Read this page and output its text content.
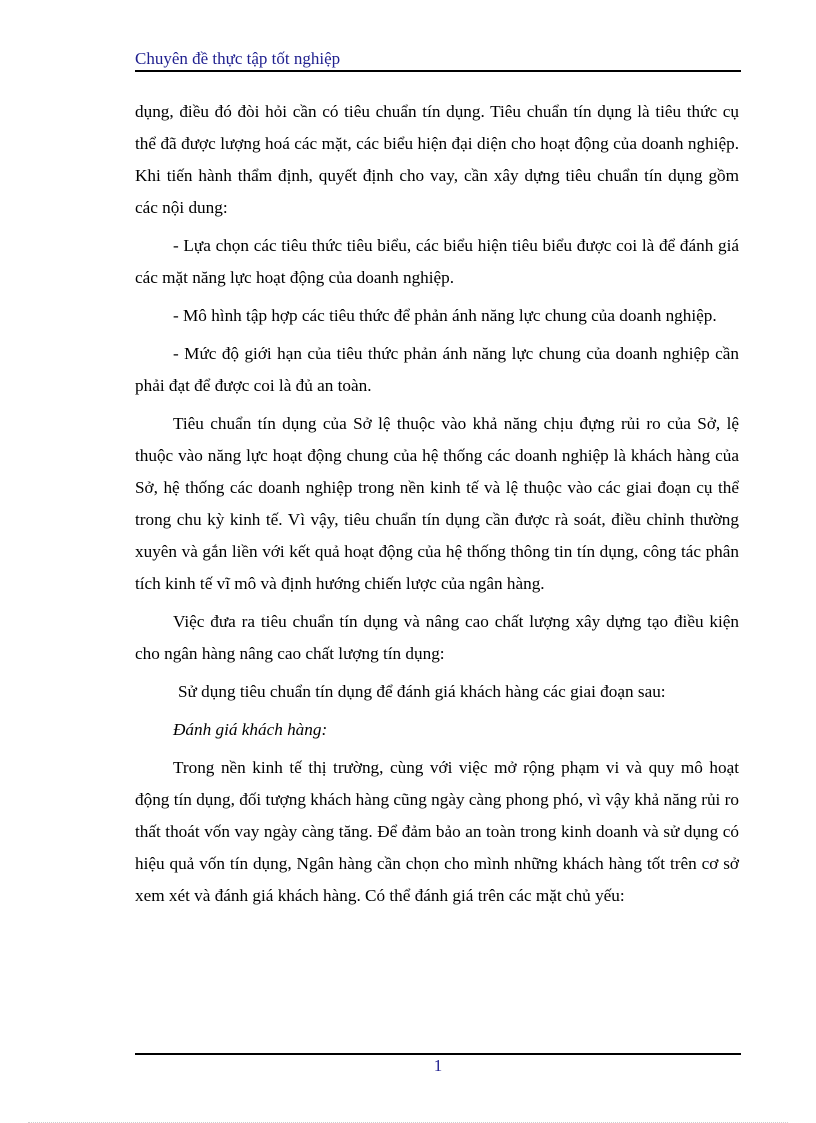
Chuyên đề thực tập tốt nghiệp

dụng, điều đó đòi hỏi cần có tiêu chuẩn tín dụng. Tiêu chuẩn tín dụng là tiêu thức cụ thể đã được lượng hoá các mặt, các biểu hiện đại diện cho hoạt động của doanh nghiệp. Khi tiến hành thẩm định, quyết định cho vay, cần xây dựng tiêu chuẩn tín dụng gồm các nội dung:

- Lựa chọn các tiêu thức tiêu biểu, các biểu hiện tiêu biểu được coi là để đánh giá các mặt năng lực hoạt động của doanh nghiệp.

- Mô hình tập hợp các tiêu thức để phản ánh năng lực chung của doanh nghiệp.

- Mức độ giới hạn của tiêu thức phản ánh năng lực chung của doanh nghiệp cần phải đạt để được coi là đủ an toàn.

Tiêu chuẩn tín dụng của Sở lệ thuộc vào khả năng chịu đựng rủi ro của Sở, lệ thuộc vào năng lực hoạt động chung của hệ thống các doanh nghiệp là khách hàng của Sở, hệ thống các doanh nghiệp trong nền kinh tế và lệ thuộc vào các giai đoạn cụ thể trong chu kỳ kinh tế. Vì vậy, tiêu chuẩn tín dụng cần được rà soát, điều chỉnh thường xuyên và gắn liền với kết quả hoạt động của hệ thống thông tin tín dụng, công tác phân tích kinh tế vĩ mô và định hướng chiến lược của ngân hàng.

Việc đưa ra tiêu chuẩn tín dụng và nâng cao chất lượng xây dựng tạo điều kiện cho ngân hàng nâng cao chất lượng tín dụng:

Sử dụng tiêu chuẩn tín dụng để đánh giá khách hàng các giai đoạn sau:

Đánh giá khách hàng:

Trong nền kinh tế thị trường, cùng với việc mở rộng phạm vi và quy mô hoạt động tín dụng, đối tượng khách hàng cũng ngày càng phong phó, vì vậy khả năng rủi ro thất thoát vốn vay ngày càng tăng. Để đảm bảo an toàn trong kinh doanh và sử dụng có hiệu quả vốn tín dụng, Ngân hàng cần chọn cho mình những khách hàng tốt trên cơ sở xem xét và đánh giá khách hàng. Có thể đánh giá trên các mặt chủ yếu:

1
